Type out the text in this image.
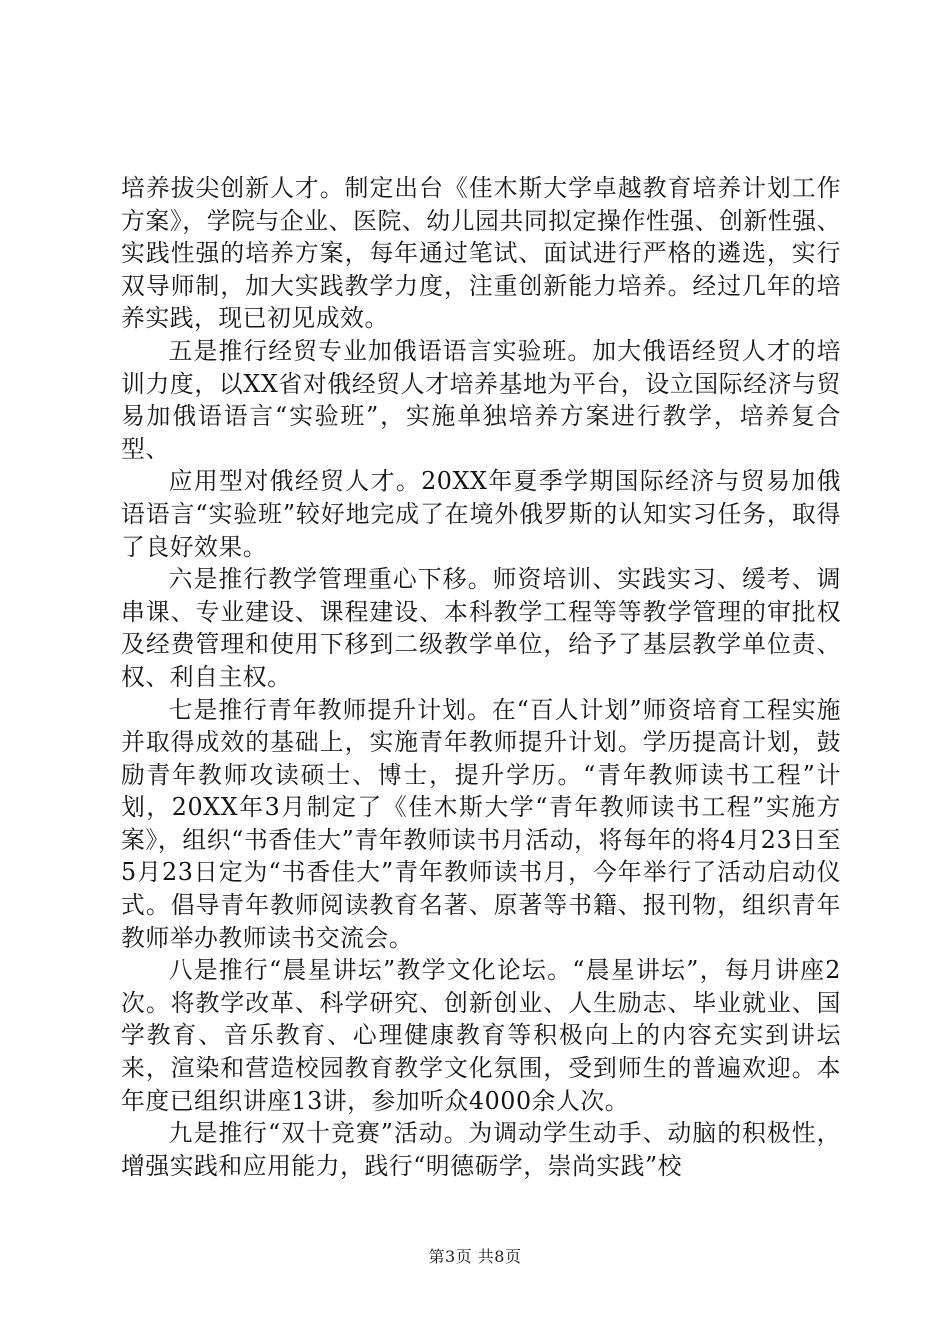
培养拔尖创新人才。制定出台《佳木斯大学卓越教育培养计划工作方案》，学院与企业、医院、幼儿园共同拟定操作性强、创新性强、实践性强的培养方案，每年通过笔试、面试进行严格的遴选，实行双导师制，加大实践教学力度，注重创新能力培养。经过几年的培养实践，现已初见成效。

五是推行经贸专业加俄语语言实验班。加大俄语经贸人才的培训力度，以XX省对俄经贸人才培养基地为平台，设立国际经济与贸易加俄语语言“实验班”，实施单独培养方案进行教学，培养复合型、

应用型对俄经贸人才。20XX年夏季学期国际经济与贸易加俄语语言“实验班”较好地完成了在境外俄罗斯的认知实习任务，取得了良好效果。

六是推行教学管理重心下移。师资培训、实践实习、缓考、调串课、专业建设、课程建设、本科教学工程等等教学管理的审批权及经费管理和使用下移到二级教学单位，给予了基层教学单位责、权、利自主权。

七是推行青年教师提升计划。在“百人计划”师资培育工程实施并取得成效的基础上，实施青年教师提升计划。学历提高计划，鼓励青年教师攻读硕士、博士，提升学历。“青年教师读书工程”计划，20XX年3月制定了《佳木斯大学“青年教师读书工程”实施方案》，组织“书香佳大”青年教师读书月活动，将每年的将4月23日至5月23日定为“书香佳大”青年教师读书月，今年举行了活动启动仪式。倡导青年教师阅读教育名著、原著等书籍、报刊物，组织青年教师举办教师读书交流会。

八是推行“晨星讲坛”教学文化论坛。“晨星讲坛”，每月讲座2次。将教学改革、科学研究、创新创业、人生励志、毕业就业、国学教育、音乐教育、心理健康教育等积极向上的内容充实到讲坛来，渲染和营造校园教育教学文化氛围，受到师生的普遍欢迎。本年度已组织讲座13讲，参加听众4000余人次。

九是推行“双十竞赛”活动。为调动学生动手、动脑的积极性，增强实践和应用能力，践行“明德砺学，崇尚实践”校

第3页 共8页
